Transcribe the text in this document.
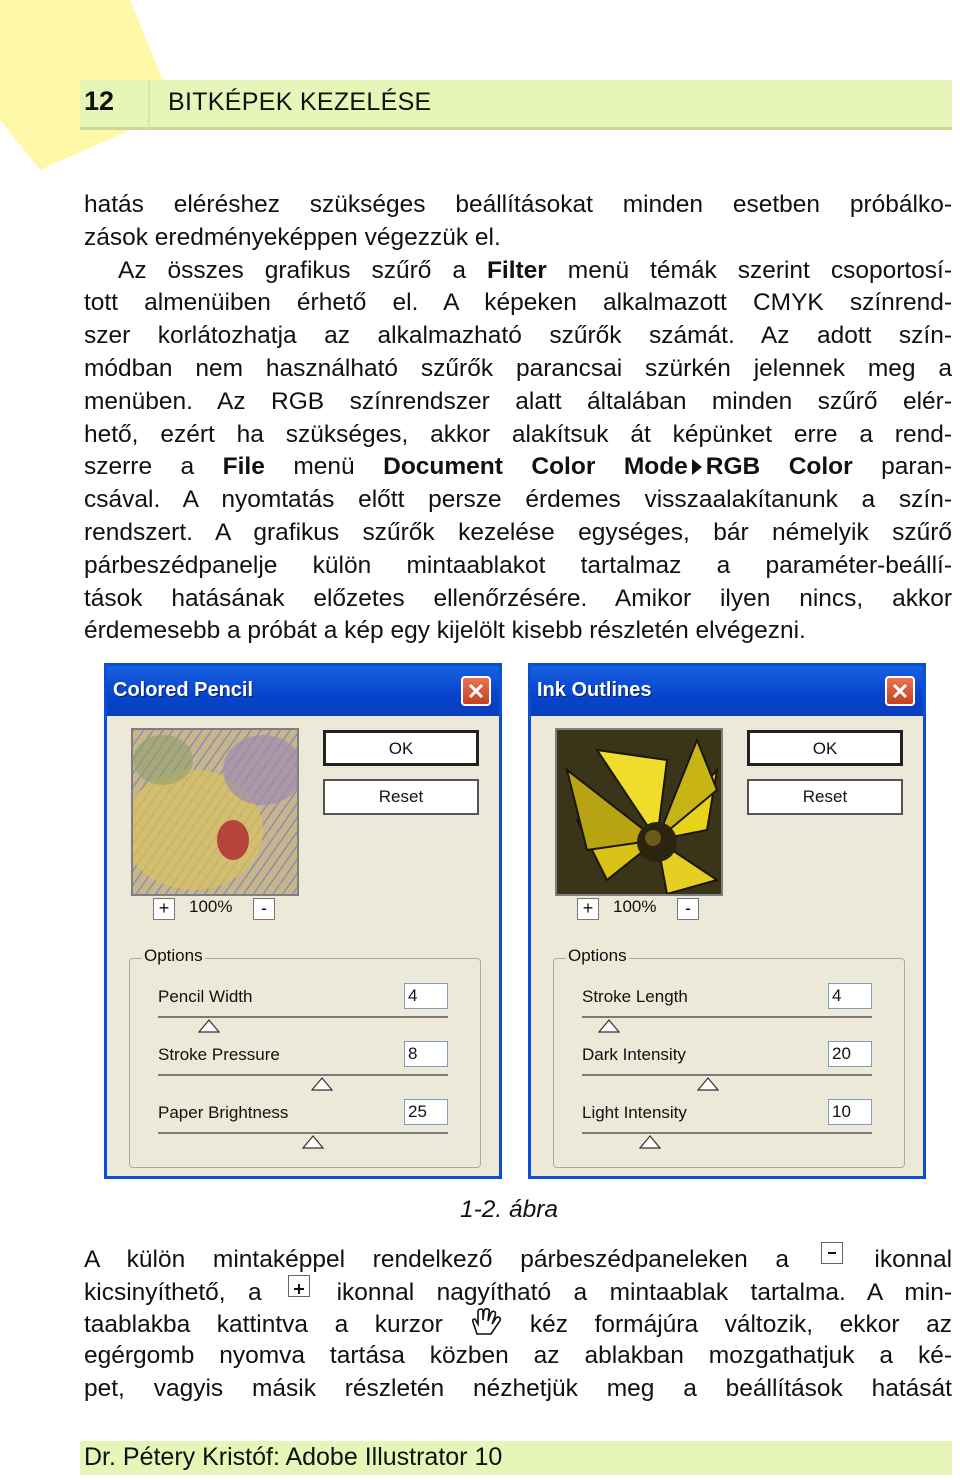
12 BITKÉPEK KEZELÉSE
hatás eléréshez szükséges beállításokat minden esetben próbálko-
zások eredményeképpen végezzük el.
Az összes grafikus szűrő a Filter menü témák szerint csoportosí-
tott almenüiben érhető el. A képeken alkalmazott CMYK színrend-
szer korlátozhatja az alkalmazható szűrők számát. Az adott szín-
módban nem használható szűrők parancsai szürkén jelennek meg a
menüben. Az RGB színrendszer alatt általában minden szűrő elér-
hető, ezért ha szükséges, akkor alakítsuk át képünket erre a rend-
szerre a File menü Document Color Mode RGB Color paran-
csával. A nyomtatás előtt persze érdemes visszaalakítanunk a szín-
rendszert. A grafikus szűrők kezelése egységes, bár némelyik szűrő
párbeszédpanelje külön mintaablakot tartalmaz a paraméter-beállí-
tások hatásának előzetes ellenőrzésére. Amikor ilyen nincs, akkor
érdemesebb a próbát a kép egy kijelölt kisebb részletén elvégezni.
Colored Pencil
OK
Reset
+	100%	-
Options
Pencil Width	4
Stroke Pressure	8
Paper Brightness	25
Ink Outlines
OK
Reset
+	100%	-
Options
Stroke Length	4
Dark Intensity	20
Light Intensity	10
1-2. ábra
A külön mintaképpel rendelkező párbeszédpaneleken a	ikonnal
kicsinyíthető, a	ikonnal nagyítható a mintaablak tartalma. A min-
taablakba kattintva a kurzor	kéz formájúra változik, ekkor az
egérgomb nyomva tartása közben az ablakban mozgathatjuk a ké-
pet, vagyis másik részletén nézhetjük meg a beállítások hatását
Dr. Pétery Kristóf: Adobe Illustrator 10
